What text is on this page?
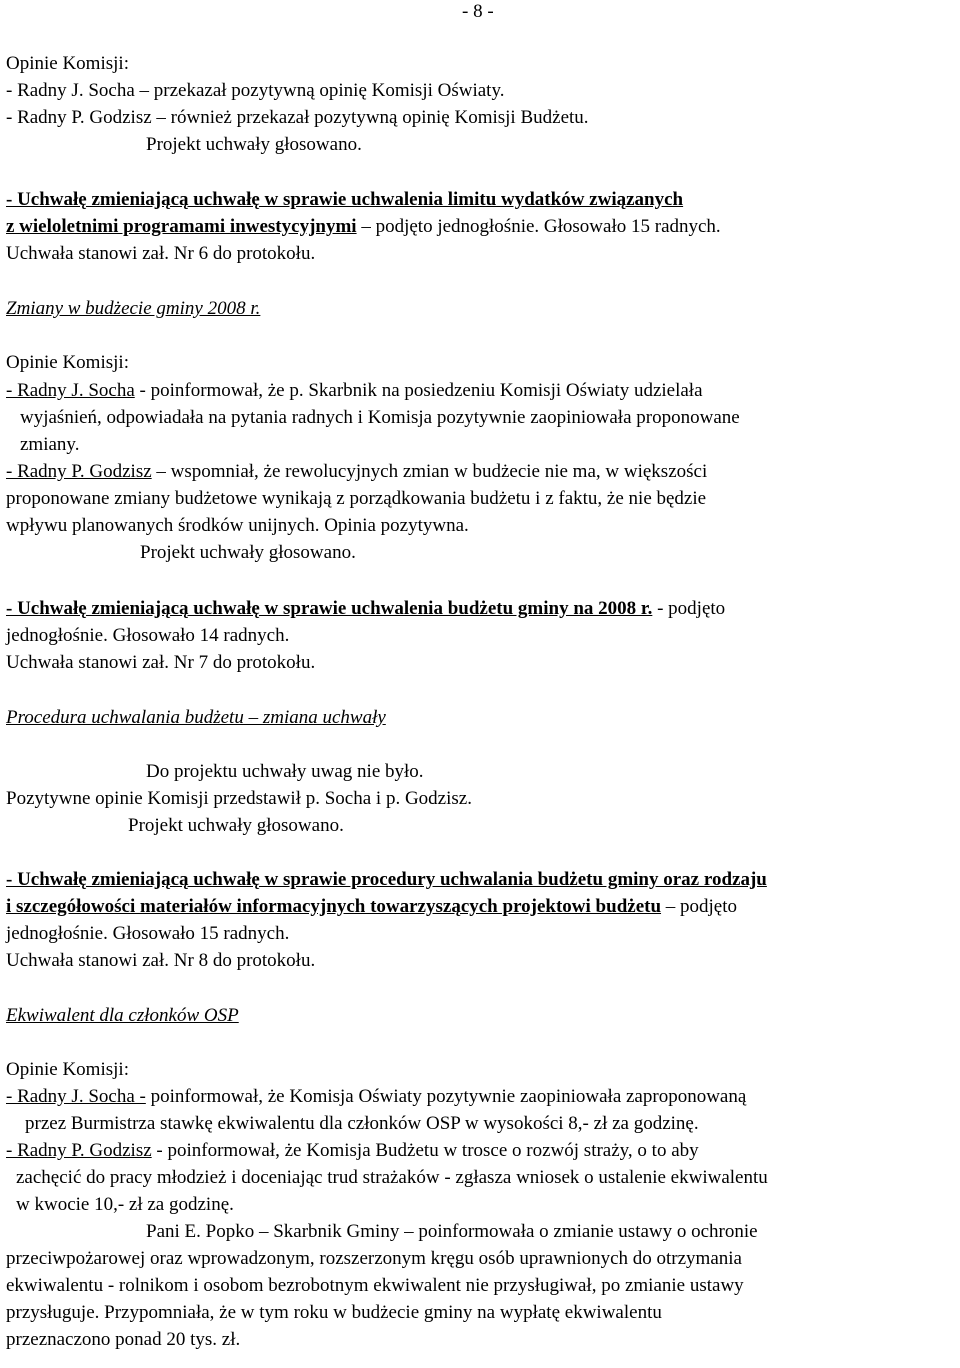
- 8 -
Opinie Komisji:
- Radny J. Socha – przekazał pozytywną opinię Komisji Oświaty.
- Radny P. Godzisz – również przekazał pozytywną opinię Komisji Budżetu.
Projekt uchwały głosowano.
- Uchwałę zmieniającą uchwałę w sprawie uchwalenia limitu wydatków związanych
z wieloletnimi programami inwestycyjnymi – podjęto jednogłośnie. Głosowało 15 radnych.
Uchwała stanowi zał. Nr 6 do protokołu.
Zmiany w budżecie gminy 2008 r.
Opinie Komisji:
- Radny J. Socha - poinformował, że p. Skarbnik na posiedzeniu Komisji Oświaty udzielała
wyjaśnień, odpowiadała na pytania radnych i Komisja pozytywnie zaopiniowała proponowane
zmiany.
- Radny P. Godzisz – wspomniał, że rewolucyjnych zmian w budżecie nie ma, w większości
proponowane zmiany budżetowe wynikają z porządkowania budżetu i z faktu, że nie będzie
wpływu planowanych środków unijnych. Opinia pozytywna.
Projekt uchwały głosowano.
- Uchwałę zmieniającą uchwałę w sprawie uchwalenia budżetu gminy na 2008 r. - podjęto
jednogłośnie. Głosowało 14 radnych.
Uchwała stanowi zał. Nr 7 do protokołu.
Procedura uchwalania budżetu – zmiana uchwały
Do projektu uchwały uwag nie było.
Pozytywne opinie Komisji przedstawił p. Socha i p. Godzisz.
Projekt uchwały głosowano.
- Uchwałę zmieniającą uchwałę w sprawie procedury uchwalania budżetu gminy oraz rodzaju
i szczegółowości materiałów informacyjnych towarzyszących projektowi budżetu – podjęto
jednogłośnie. Głosowało 15 radnych.
Uchwała stanowi zał. Nr 8 do protokołu.
Ekwiwalent dla członków OSP
Opinie Komisji:
- Radny J. Socha - poinformował, że Komisja Oświaty pozytywnie zaopiniowała zaproponowaną
przez Burmistrza stawkę ekwiwalentu dla członków OSP w wysokości 8,- zł za godzinę.
- Radny P. Godzisz - poinformował, że Komisja Budżetu w trosce o rozwój straży, o to aby
zachęcić do pracy młodzież i doceniając trud strażaków - zgłasza wniosek o ustalenie ekwiwalentu
w kwocie 10,- zł za godzinę.
Pani E. Popko – Skarbnik Gminy – poinformowała o zmianie ustawy o ochronie
przeciwpożarowej oraz wprowadzonym, rozszerzonym kręgu osób uprawnionych do otrzymania
ekwiwalentu - rolnikom i osobom bezrobotnym ekwiwalent nie przysługiwał, po zmianie ustawy
przysługuje. Przypomniała, że w tym roku w budżecie gminy na wypłatę ekwiwalentu
przeznaczono ponad 20 tys. zł.
